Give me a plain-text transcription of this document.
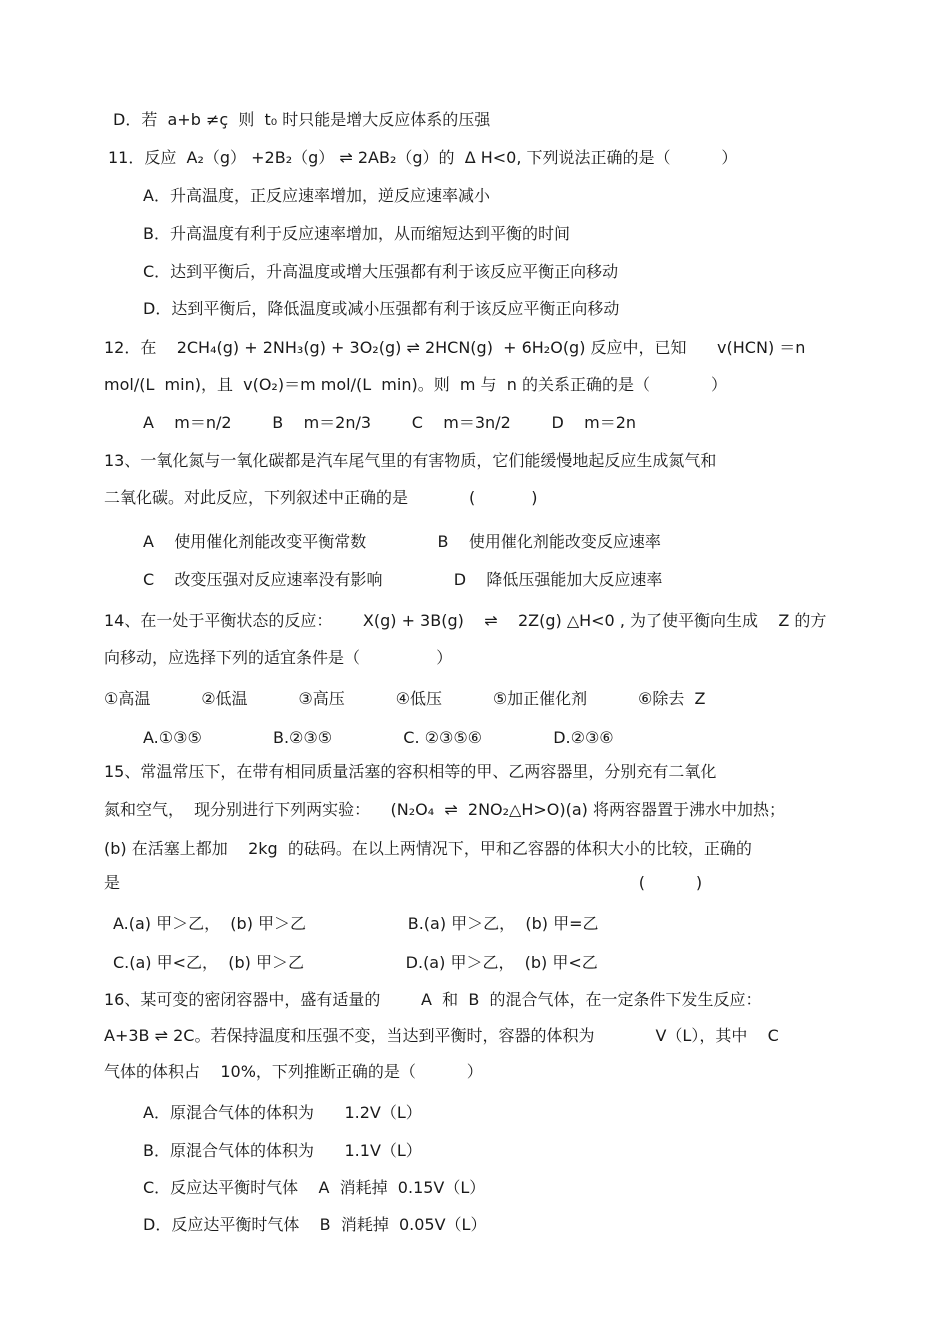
D．若  a+b ≠ç  则  t₀ 时只能是增大反应体系的压强
11．反应  A₂（g） +2B₂（g） ⇌ 2AB₂（g）的  Δ H<0, 下列说法正确的是（          ）
A．升高温度，正反应速率增加，逆反应速率减小
B．升高温度有利于反应速率增加，从而缩短达到平衡的时间
C．达到平衡后，升高温度或增大压强都有利于该反应平衡正向移动
D．达到平衡后，降低温度或减小压强都有利于该反应平衡正向移动
12．在    2CH₄(g) + 2NH₃(g) + 3O₂(g) ⇌ 2HCN(g)  + 6H₂O(g) 反应中，已知      v(HCN) ＝n
mol/(L  min)，且  v(O₂)＝m mol/(L  min)。则  m 与  n 的关系正确的是（            ）
A    m＝n/2        B    m＝2n/3        C    m＝3n/2        D    m＝2n
13、一氧化氮与一氧化碳都是汽车尾气里的有害物质，它们能缓慢地起反应生成氮气和
二氧化碳。对此反应，下列叙述中正确的是            (           )
A    使用催化剂能改变平衡常数              B    使用催化剂能改变反应速率
C    改变压强对反应速率没有影响              D    降低压强能加大反应速率
14、在一处于平衡状态的反应：      X(g) + 3B(g)    ⇌    2Z(g) △H<0 , 为了使平衡向生成    Z 的方
向移动，应选择下列的适宜条件是（               ）
①高温          ②低温          ③高压          ④低压          ⑤加正催化剂          ⑥除去  Z
A.①③⑤              B.②③⑤              C. ②③⑤⑥              D.②③⑥
15、常温常压下，在带有相同质量活塞的容积相等的甲、乙两容器里，分别充有二氧化
氮和空气，  现分别进行下列两实验：    (N₂O₄  ⇌  2NO₂△H>O)(a) 将两容器置于沸水中加热；
(b) 在活塞上都加    2kg  的砝码。在以上两情况下，甲和乙容器的体积大小的比较，正确的
是                                                                                                      (          )
A.(a) 甲＞乙，  (b) 甲＞乙                    B.(a) 甲＞乙，  (b) 甲=乙
C.(a) 甲<乙，  (b) 甲＞乙                    D.(a) 甲＞乙，  (b) 甲<乙
16、某可变的密闭容器中，盛有适量的        A  和  B  的混合气体，在一定条件下发生反应：
A+3B ⇌ 2C。若保持温度和压强不变，当达到平衡时，容器的体积为            V（L），其中    C
气体的体积占    10%，下列推断正确的是（          ）
A．原混合气体的体积为      1.2V（L）
B．原混合气体的体积为      1.1V（L）
C．反应达平衡时气体    A  消耗掉  0.15V（L）
D．反应达平衡时气体    B  消耗掉  0.05V（L）
